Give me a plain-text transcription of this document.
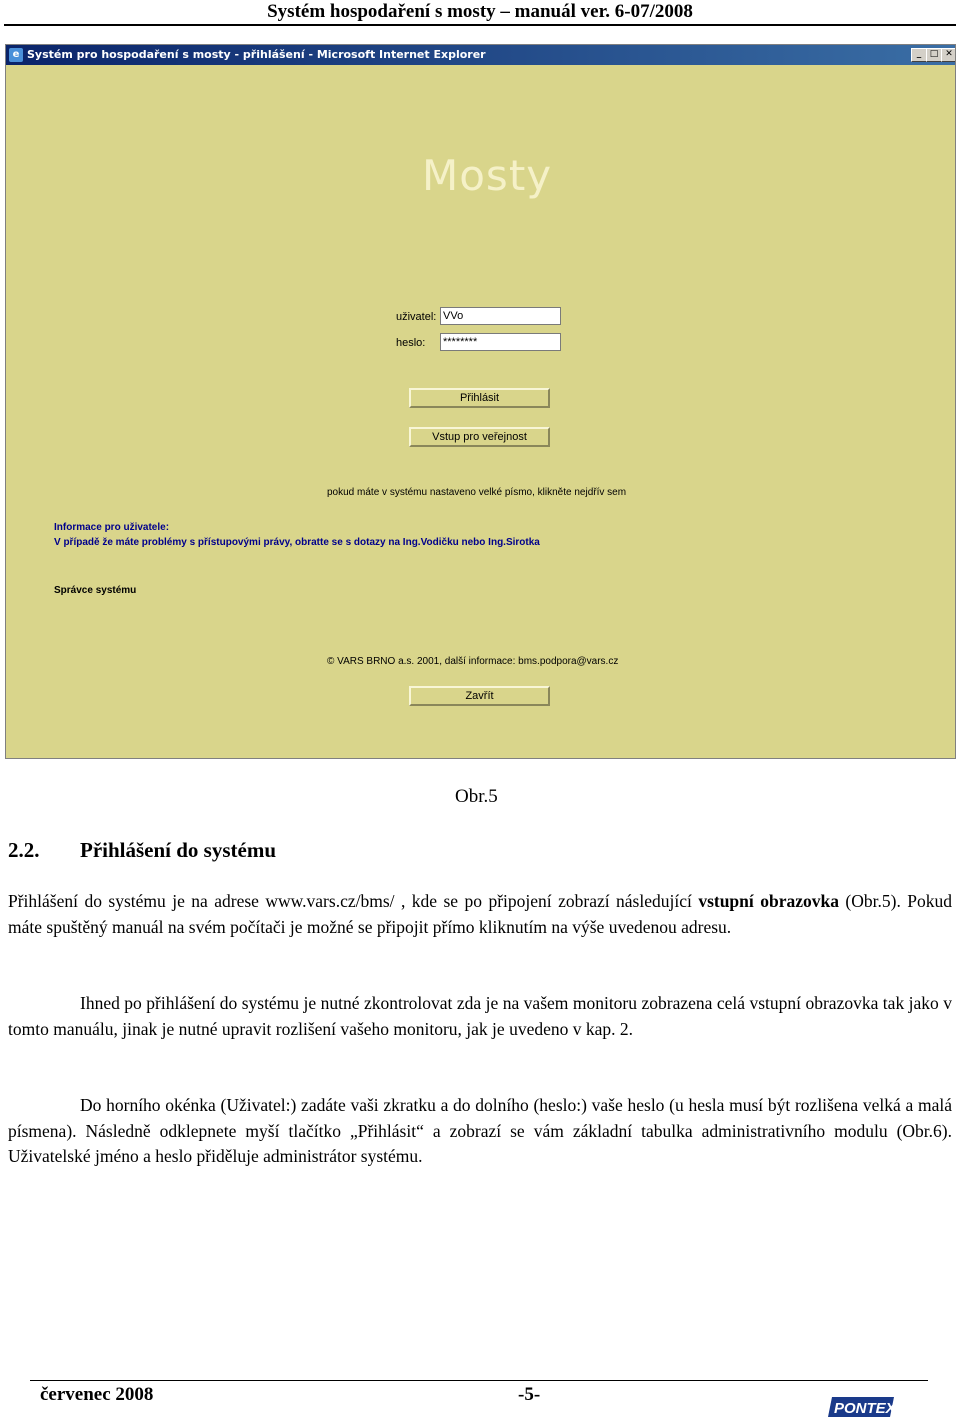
Systém hospodaření s mosty – manuál ver. 6-07/2008
e Systém pro hospodaření s mosty - přihlášení - Microsoft Internet Explorer	_ □ ✕
Mosty
uživatel: VVo
heslo: ********
Přihlásit
Vstup pro veřejnost
pokud máte v systému nastaveno velké písmo, klikněte nejdřív sem
Informace pro uživatele:
V případě že máte problémy s přístupovými právy, obratte se s dotazy na Ing.Vodičku nebo Ing.Sirotka
Správce systému
© VARS BRNO a.s. 2001, další informace: bms.podpora@vars.cz
Zavřít
Obr.5
2.2. Přihlášení do systému
Přihlášení do systému je na adrese www.vars.cz/bms/ , kde se po připojení zobrazí následující vstupní obrazovka (Obr.5). Pokud máte spuštěný manuál na svém počítači je možné se připojit přímo kliknutím na výše uvedenou adresu.
Ihned po přihlášení do systému je nutné zkontrolovat zda je na vašem monitoru zobrazena celá vstupní obrazovka tak jako v tomto manuálu, jinak je nutné upravit rozlišení vašeho monitoru, jak je uvedeno v kap. 2.
Do horního okénka (Uživatel:) zadáte vaši zkratku a do dolního (heslo:) vaše heslo (u hesla musí být rozlišena velká a malá písmena). Následně odklepnete myší tlačítko „Přihlásit“ a zobrazí se vám základní tabulka administrativního modulu (Obr.6). Uživatelské jméno a heslo přiděluje administrátor systému.
červenec 2008	-5-
PONTEX
